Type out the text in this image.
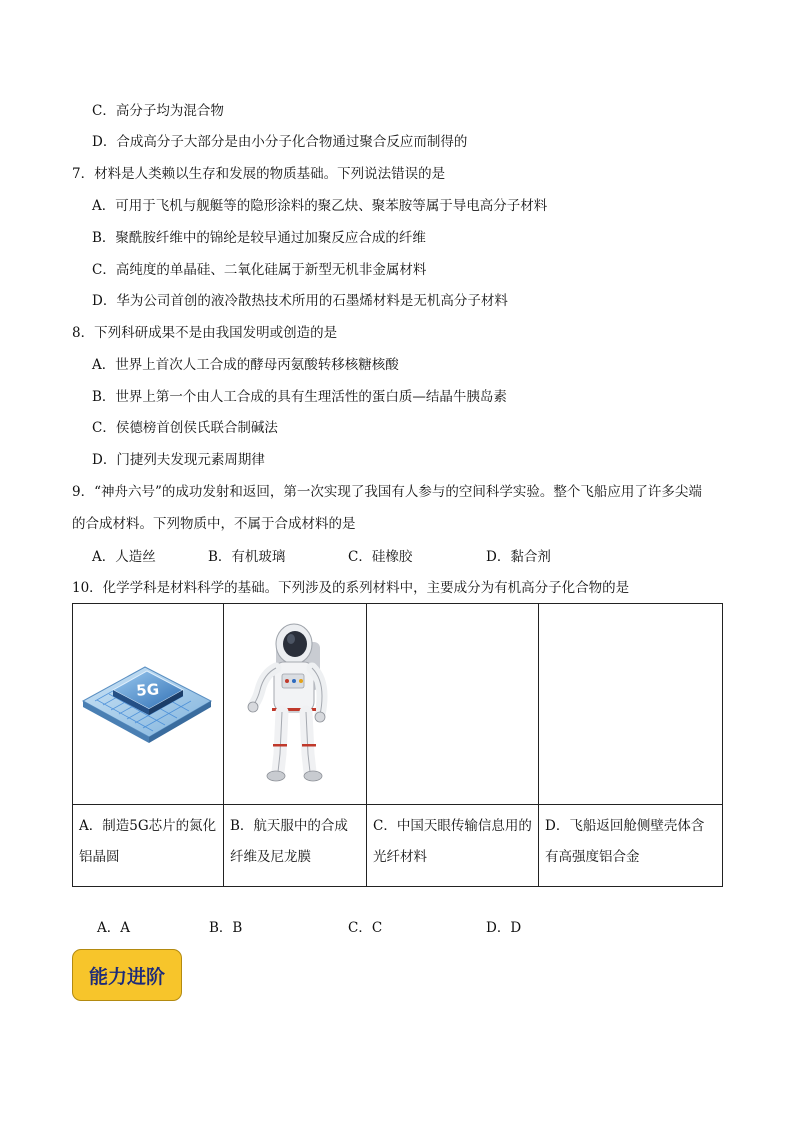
C．高分子均为混合物
D．合成高分子大部分是由小分子化合物通过聚合反应而制得的
7．材料是人类赖以生存和发展的物质基础。下列说法错误的是
A．可用于飞机与舰艇等的隐形涂料的聚乙炔、聚苯胺等属于导电高分子材料
B．聚酰胺纤维中的锦纶是较早通过加聚反应合成的纤维
C．高纯度的单晶硅、二氧化硅属于新型无机非金属材料
D．华为公司首创的液冷散热技术所用的石墨烯材料是无机高分子材料
8．下列科研成果不是由我国发明或创造的是
A．世界上首次人工合成的酵母丙氨酸转移核糖核酸
B．世界上第一个由人工合成的具有生理活性的蛋白质—结晶牛胰岛素
C．侯德榜首创侯氏联合制碱法
D．门捷列夫发现元素周期律
9．“神舟六号”的成功发射和返回，第一次实现了我国有人参与的空间科学实验。整个飞船应用了许多尖端
的合成材料。下列物质中，不属于合成材料的是
A．人造丝	B．有机玻璃	C．硅橡胶	D．黏合剂
10．化学学科是材料科学的基础。下列涉及的系列材料中，主要成分为有机高分子化合物的是
5G

A．制造5G芯片的氮化铝晶圆	B．航天服中的合成纤维及尼龙膜	C．中国天眼传输信息用的光纤材料	D．飞船返回舱侧壁壳体含有高强度铝合金
A．A	B．B	C．C	D．D
能力进阶
